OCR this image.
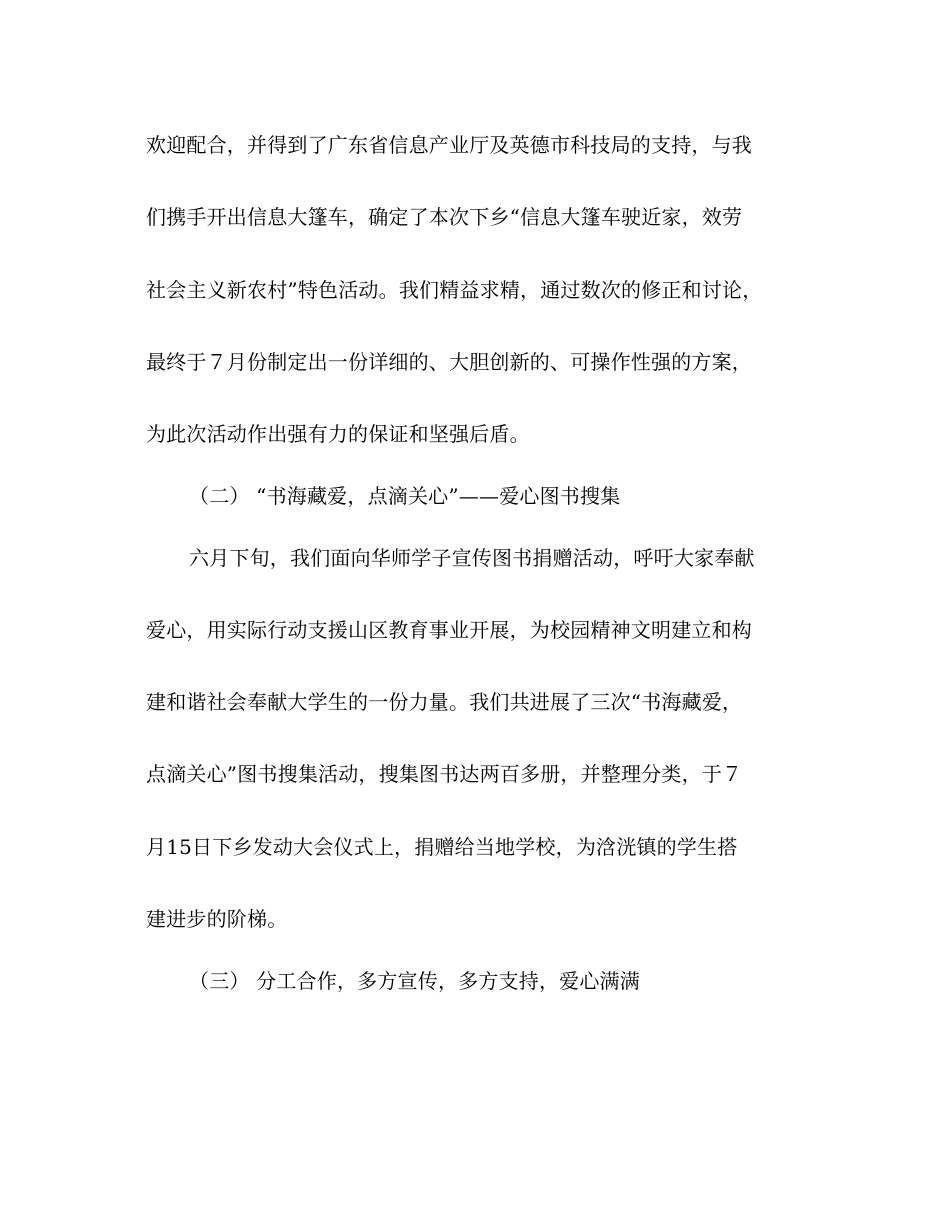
欢迎配合，并得到了广东省信息产业厅及英德市科技局的支持，与我
们携手开出信息大篷车，确定了本次下乡“信息大篷车驶近家，效劳
社会主义新农村”特色活动。我们精益求精，通过数次的修正和讨论，
最终于７月份制定出一份详细的、大胆创新的、可操作性强的方案，
为此次活动作出强有力的保证和坚强后盾。
（二） “书海藏爱，点滴关心”——爱心图书搜集
六月下旬，我们面向华师学子宣传图书捐赠活动，呼吁大家奉献
爱心，用实际行动支援山区教育事业开展，为校园精神文明建立和构
建和谐社会奉献大学生的一份力量。我们共进展了三次“书海藏爱，
点滴关心”图书搜集活动，搜集图书达两百多册，并整理分类，于７
月15日下乡发动大会仪式上，捐赠给当地学校，为浛洸镇的学生搭
建进步的阶梯。
（三） 分工合作，多方宣传，多方支持，爱心满满
